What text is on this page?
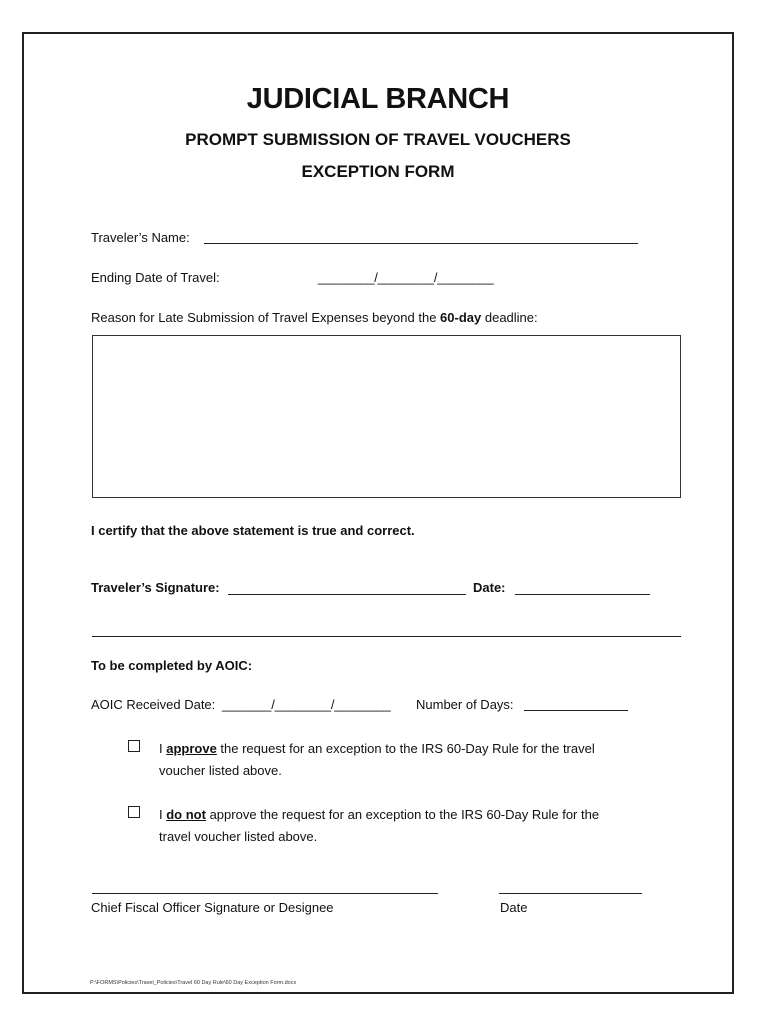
JUDICIAL BRANCH
PROMPT SUBMISSION OF TRAVEL VOUCHERS
EXCEPTION FORM
Traveler’s Name:
Ending Date of Travel:	________/________/________
Reason for Late Submission of Travel Expenses beyond the 60-day deadline:
I certify that the above statement is true and correct.
Traveler’s Signature:	Date:
To be completed by AOIC:
AOIC Received Date: _______/________/________ Number of Days:
I approve the request for an exception to the IRS 60-Day Rule for the travel
voucher listed above.
I do not approve the request for an exception to the IRS 60-Day Rule for the
travel voucher listed above.
Chief Fiscal Officer Signature or Designee	Date
P:\FORMS\Policies\Travel_Policies\Travel 60 Day Rule\60 Day Exception Form.docx
